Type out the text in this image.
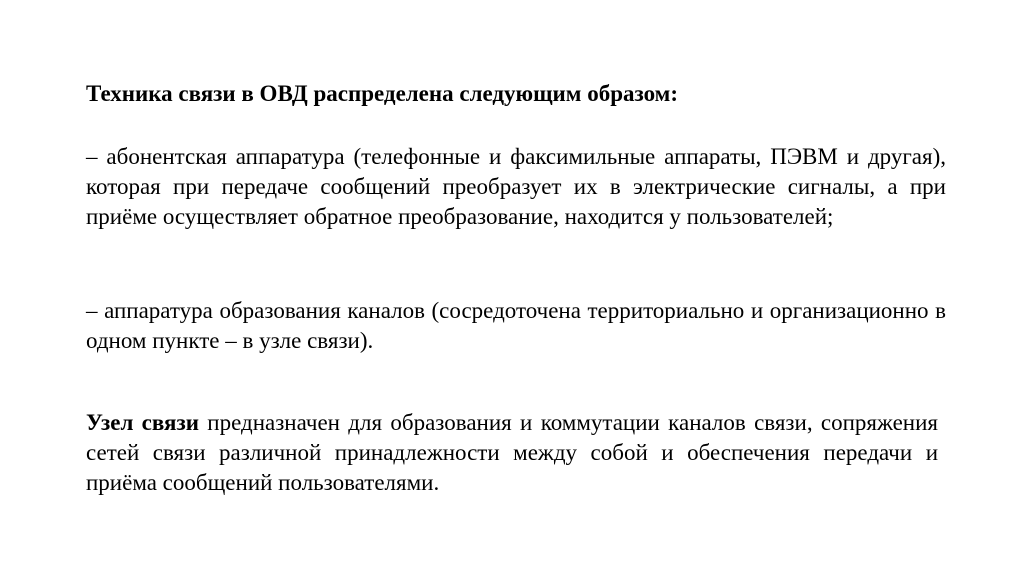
Техника связи в ОВД распределена следующим образом:

– абонентская аппаратура (телефонные и факсимильные аппараты, ПЭВМ и другая), которая при передаче сообщений преобразует их в электрические сигналы, а при приёме осуществляет обратное преобразование, находится у пользователей;

– аппаратура образования каналов (сосредоточена территориально и организационно в одном пункте – в узле связи).

Узел связи предназначен для образования и коммутации каналов связи, сопряжения сетей связи различной принадлежности между собой и обеспечения передачи и приёма сообщений пользователями.
